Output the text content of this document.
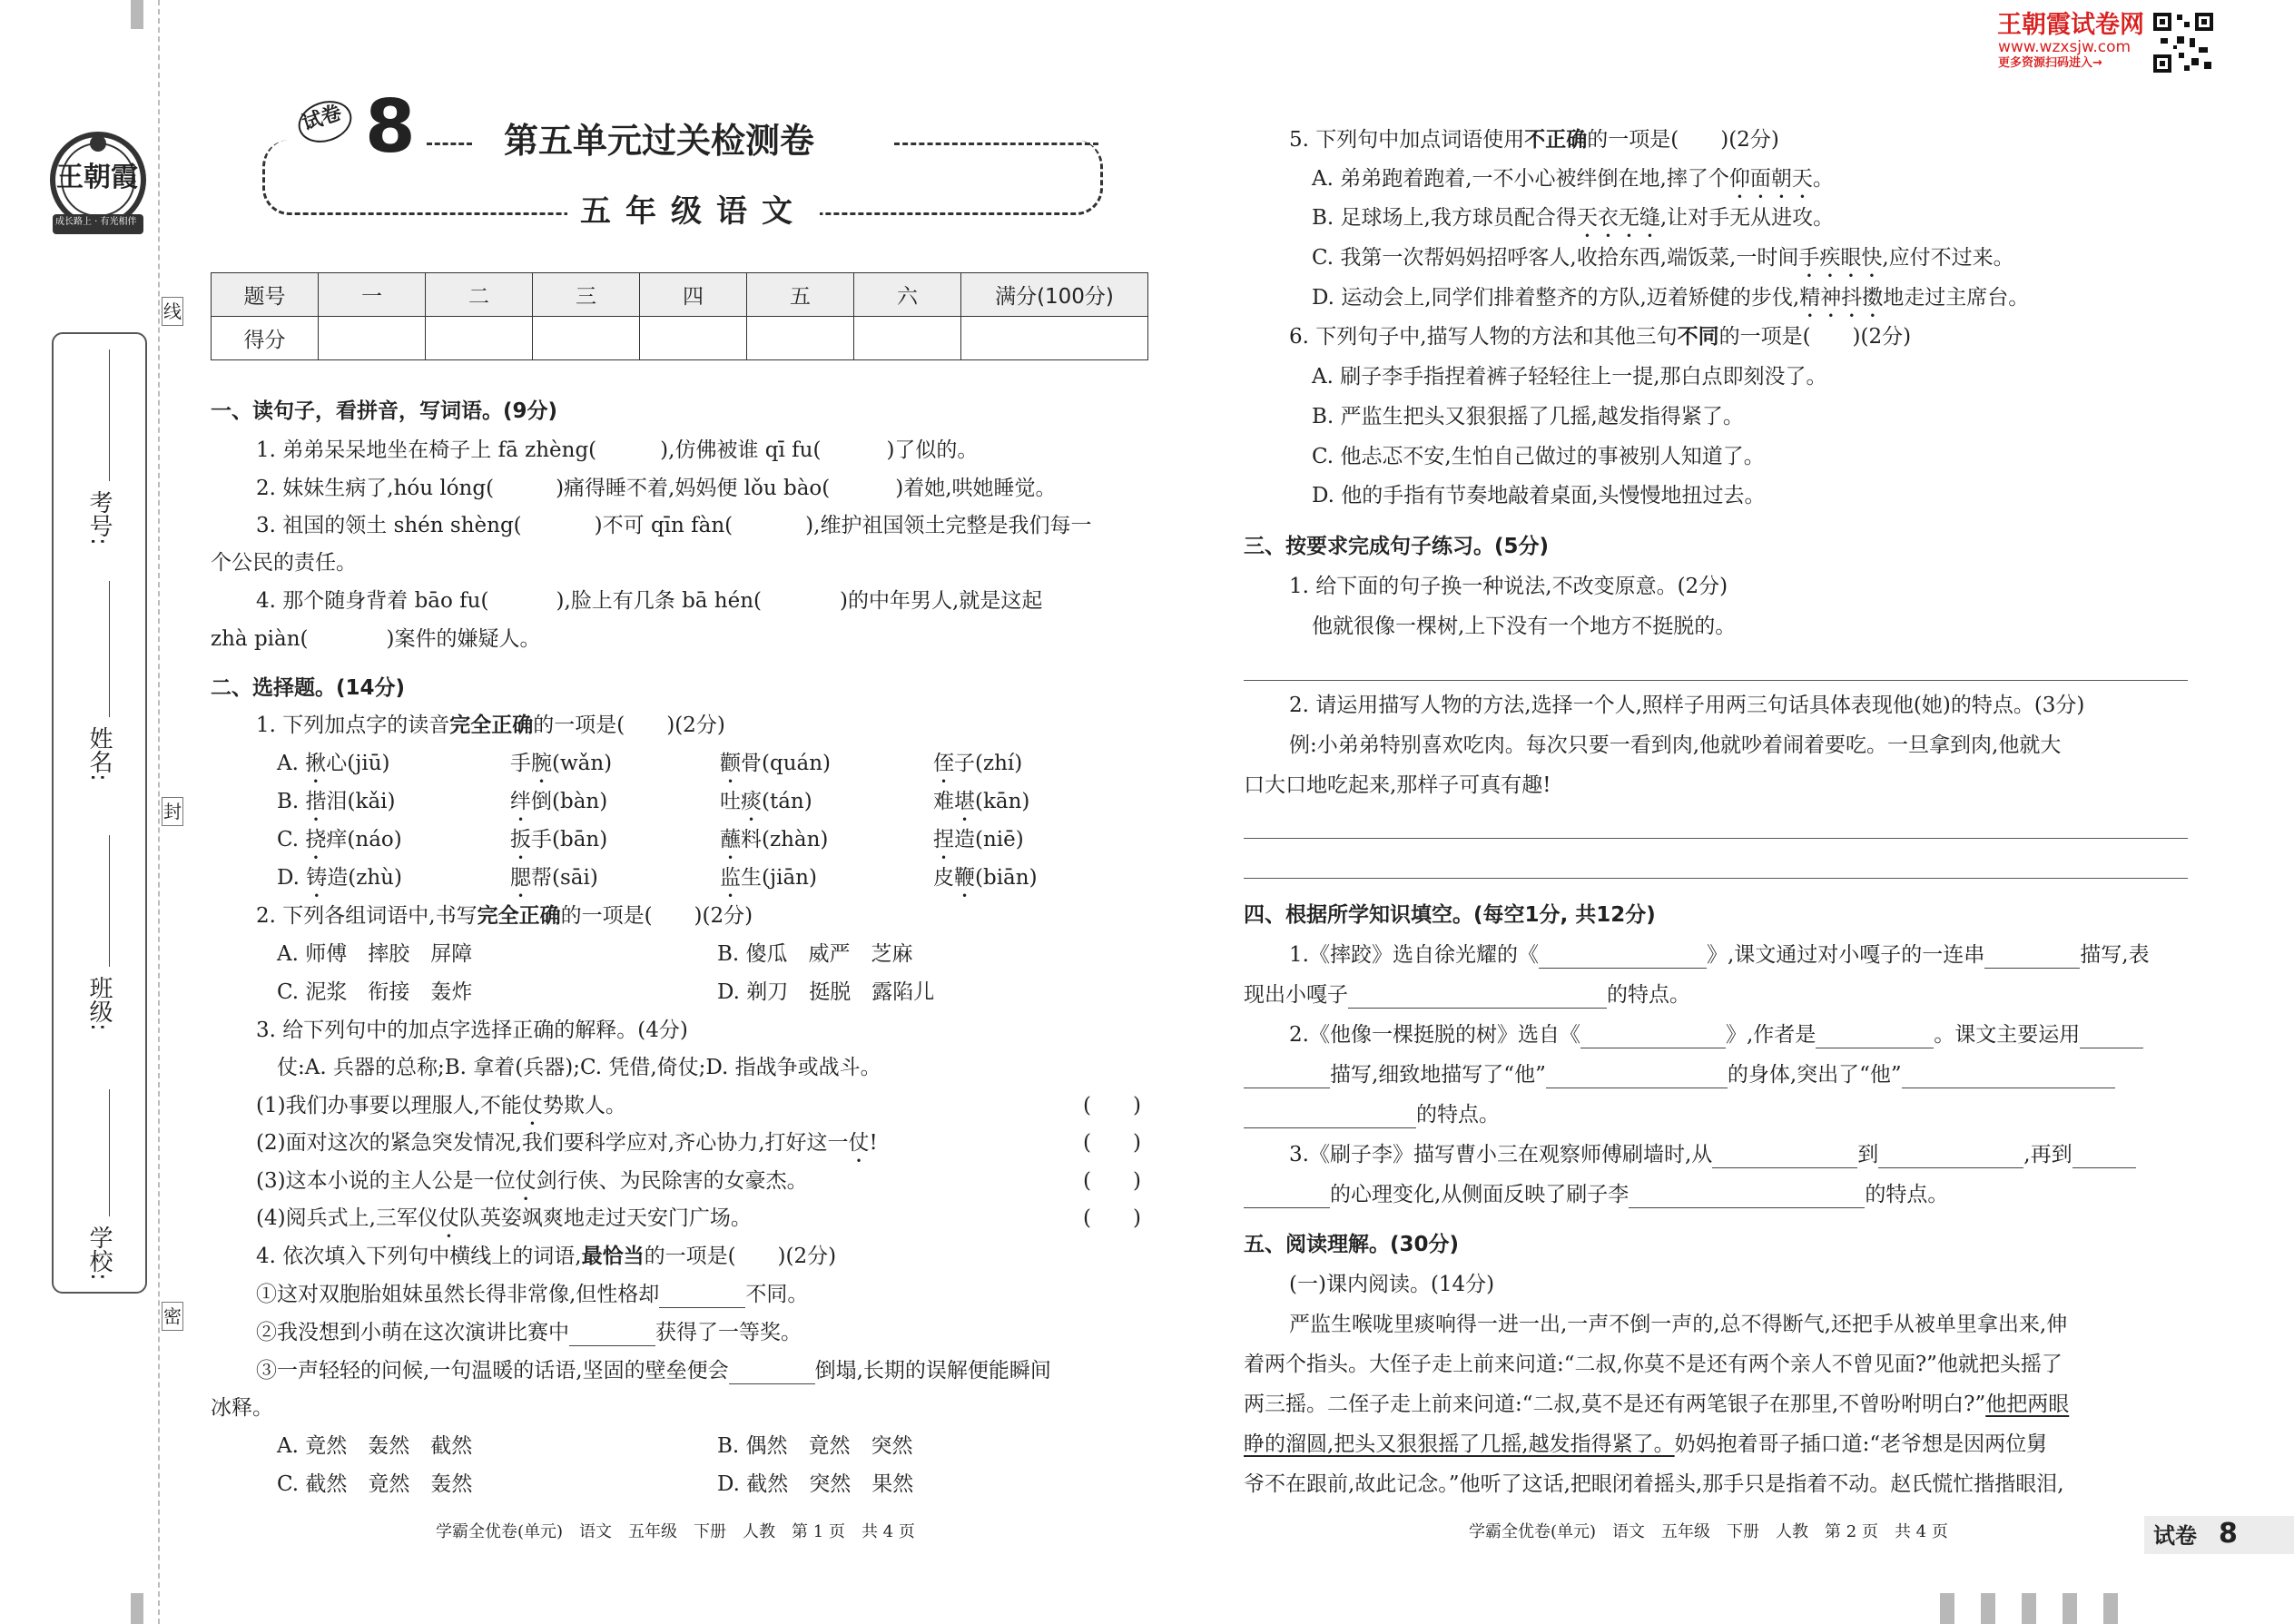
王朝霞
成长路上 · 有光相伴
王朝霞试卷网
www.wzxsjw.com
更多资源扫码进入→
试卷 8	第五单元过关检测卷
五年级语文
学校:
班级:
姓名:
考号:
线
封
密
题号	一	二	三	四	五	六	满分(100分)
得分							
一、读句子，看拼音，写词语。(9分)
1. 弟弟呆呆地坐在椅子上 fā zhèng(	),仿佛被谁 qī fu(	)了似的。
2. 妹妹生病了,hóu lóng(	)痛得睡不着,妈妈便 lǒu bào(	)着她,哄她睡觉。
3. 祖国的领土 shén shèng(	)不可 qīn fàn(	),维护祖国领土完整是我们每一
个公民的责任。
4. 那个随身背着 bāo fu(	),脸上有几条 bā hén(	)的中年男人,就是这起
zhà piàn(	)案件的嫌疑人。
二、选择题。(14分)
1. 下列加点字的读音完全正确的一项是(　　)(2分)
A. 揪心(jiū)	手腕(wǎn)	颧骨(quán)	侄子(zhí)
B. 揩泪(kǎi)	绊倒(bàn)	吐痰(tán)	难堪(kān)
C. 挠痒(náo)	扳手(bān)	蘸料(zhàn)	捏造(niē)
D. 铸造(zhù)	腮帮(sāi)	监生(jiān)	皮鞭(biān)
2. 下列各组词语中,书写完全正确的一项是(　　)(2分)
A. 师傅　摔胶　屏障	B. 傻瓜　威严　芝麻
C. 泥浆　衔接　轰炸	D. 剃刀　挺脱　露陷儿
3. 给下列句中的加点字选择正确的解释。(4分)
仗:A. 兵器的总称;B. 拿着(兵器);C. 凭借,倚仗;D. 指战争或战斗。
(1)我们办事要以理服人,不能仗势欺人。	(　　)
(2)面对这次的紧急突发情况,我们要科学应对,齐心协力,打好这一仗!	(　　)
(3)这本小说的主人公是一位仗剑行侠、为民除害的女豪杰。	(　　)
(4)阅兵式上,三军仪仗队英姿飒爽地走过天安门广场。	(　　)
4. 依次填入下列句中横线上的词语,最恰当的一项是(　　)(2分)
①这对双胞胎姐妹虽然长得非常像,但性格却	不同。
②我没想到小萌在这次演讲比赛中	获得了一等奖。
③一声轻轻的问候,一句温暖的话语,坚固的壁垒便会	倒塌,长期的误解便能瞬间
冰释。
A. 竟然　轰然　截然	B. 偶然　竟然　突然
C. 截然　竟然　轰然	D. 截然　突然　果然
学霸全优卷(单元)　语文　五年级　下册　人教　第 1 页　共 4 页
5. 下列句中加点词语使用不正确的一项是(　　)(2分)
A. 弟弟跑着跑着,一不小心被绊倒在地,摔了个仰面朝天。
B. 足球场上,我方球员配合得天衣无缝,让对手无从进攻。
C. 我第一次帮妈妈招呼客人,收拾东西,端饭菜,一时间手疾眼快,应付不过来。
D. 运动会上,同学们排着整齐的方队,迈着矫健的步伐,精神抖擞地走过主席台。
6. 下列句子中,描写人物的方法和其他三句不同的一项是(　　)(2分)
A. 刷子李手指捏着裤子轻轻往上一提,那白点即刻没了。
B. 严监生把头又狠狠摇了几摇,越发指得紧了。
C. 他忐忑不安,生怕自己做过的事被别人知道了。
D. 他的手指有节奏地敲着桌面,头慢慢地扭过去。
三、按要求完成句子练习。(5分)
1. 给下面的句子换一种说法,不改变原意。(2分)
他就很像一棵树,上下没有一个地方不挺脱的。
2. 请运用描写人物的方法,选择一个人,照样子用两三句话具体表现他(她)的特点。(3分)
例:小弟弟特别喜欢吃肉。每次只要一看到肉,他就吵着闹着要吃。一旦拿到肉,他就大
口大口地吃起来,那样子可真有趣!
四、根据所学知识填空。(每空1分, 共12分)
1.《摔跤》选自徐光耀的《	》,课文通过对小嘎子的一连串	描写,表
现出小嘎子	的特点。
2.《他像一棵挺脱的树》选自《	》,作者是	。课文主要运用
描写,细致地描写了“他”	的身体,突出了“他”
的特点。
3.《刷子李》描写曹小三在观察师傅刷墙时,从	到	,再到
的心理变化,从侧面反映了刷子李	的特点。
五、阅读理解。(30分)
(一)课内阅读。(14分)
严监生喉咙里痰响得一进一出,一声不倒一声的,总不得断气,还把手从被单里拿出来,伸
着两个指头。大侄子走上前来问道:“二叔,你莫不是还有两个亲人不曾见面?”他就把头摇了
两三摇。二侄子走上前来问道:“二叔,莫不是还有两笔银子在那里,不曾吩咐明白?”他把两眼
睁的溜圆,把头又狠狠摇了几摇,越发指得紧了。奶妈抱着哥子插口道:“老爷想是因两位舅
爷不在跟前,故此记念。”他听了这话,把眼闭着摇头,那手只是指着不动。赵氏慌忙揩揩眼泪,
学霸全优卷(单元)　语文　五年级　下册　人教　第 2 页　共 4 页	试卷 8
